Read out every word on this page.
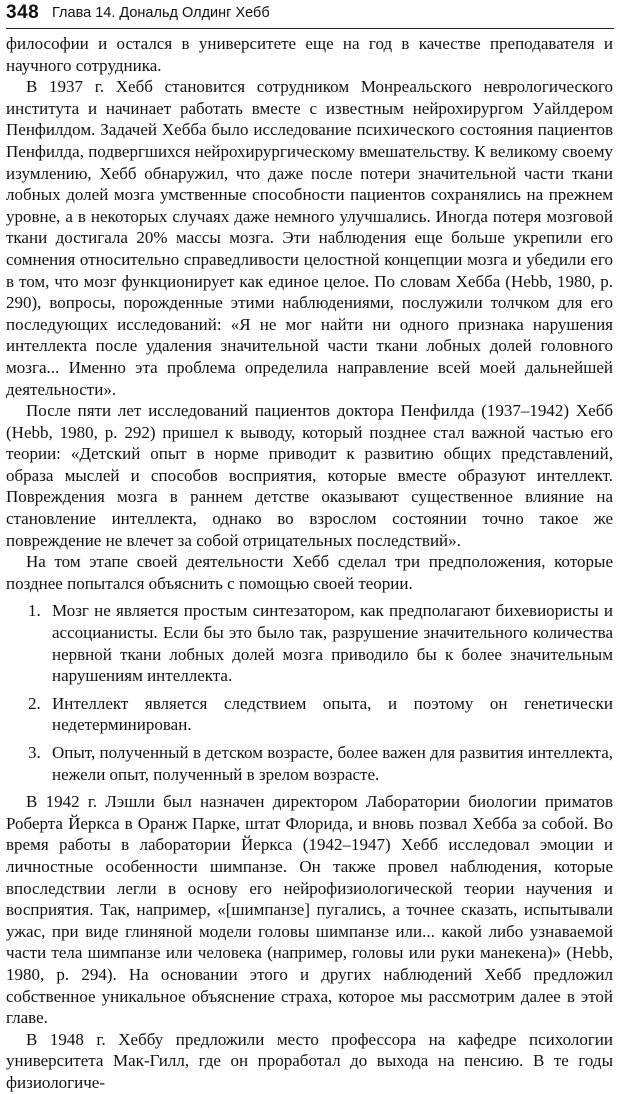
348 Глава 14. Дональд Олдинг Хебб

философии и остался в университете еще на год в качестве преподавателя и научного сотрудника.

В 1937 г. Хебб становится сотрудником Монреальского неврологического института и начинает работать вместе с известным нейрохирургом Уайлдером Пенфилдом. Задачей Хебба было исследование психического состояния пациентов Пенфилда, подвергшихся нейрохирургическому вмешательству. К великому своему изумлению, Хебб обнаружил, что даже после потери значительной части ткани лобных долей мозга умственные способности пациентов сохранялись на прежнем уровне, а в некоторых случаях даже немного улучшались. Иногда потеря мозговой ткани достигала 20% массы мозга. Эти наблюдения еще больше укрепили его сомнения относительно справедливости целостной концепции мозга и убедили его в том, что мозг функционирует как единое целое. По словам Хебба (Hebb, 1980, p. 290), вопросы, порожденные этими наблюдениями, послужили толчком для его последующих исследований: «Я не мог найти ни одного признака нарушения интеллекта после удаления значительной части ткани лобных долей головного мозга... Именно эта проблема определила направление всей моей дальнейшей деятельности».

После пяти лет исследований пациентов доктора Пенфилда (1937–1942) Хебб (Hebb, 1980, p. 292) пришел к выводу, который позднее стал важной частью его теории: «Детский опыт в норме приводит к развитию общих представлений, образа мыслей и способов восприятия, которые вместе образуют интеллект. Повреждения мозга в раннем детстве оказывают существенное влияние на становление интеллекта, однако во взрослом состоянии точно такое же повреждение не влечет за собой отрицательных последствий».

На том этапе своей деятельности Хебб сделал три предположения, которые позднее попытался объяснить с помощью своей теории.

1. Мозг не является простым синтезатором, как предполагают бихевиористы и ассоцианисты. Если бы это было так, разрушение значительного количества нервной ткани лобных долей мозга приводило бы к более значительным нарушениям интеллекта.

2. Интеллект является следствием опыта, и поэтому он генетически недетерминирован.

3. Опыт, полученный в детском возрасте, более важен для развития интеллекта, нежели опыт, полученный в зрелом возрасте.

В 1942 г. Лэшли был назначен директором Лаборатории биологии приматов Роберта Йеркса в Оранж Парке, штат Флорида, и вновь позвал Хебба за собой. Во время работы в лаборатории Йеркса (1942–1947) Хебб исследовал эмоции и личностные особенности шимпанзе. Он также провел наблюдения, которые впоследствии легли в основу его нейрофизиологической теории научения и восприятия. Так, например, «[шимпанзе] пугались, а точнее сказать, испытывали ужас, при виде глиняной модели головы шимпанзе или... какой либо узнаваемой части тела шимпанзе или человека (например, головы или руки манекена)» (Hebb, 1980, p. 294). На основании этого и других наблюдений Хебб предложил собственное уникальное объяснение страха, которое мы рассмотрим далее в этой главе.

В 1948 г. Хеббу предложили место профессора на кафедре психологии университета Мак-Гилл, где он проработал до выхода на пенсию. В те годы физиологиче-
